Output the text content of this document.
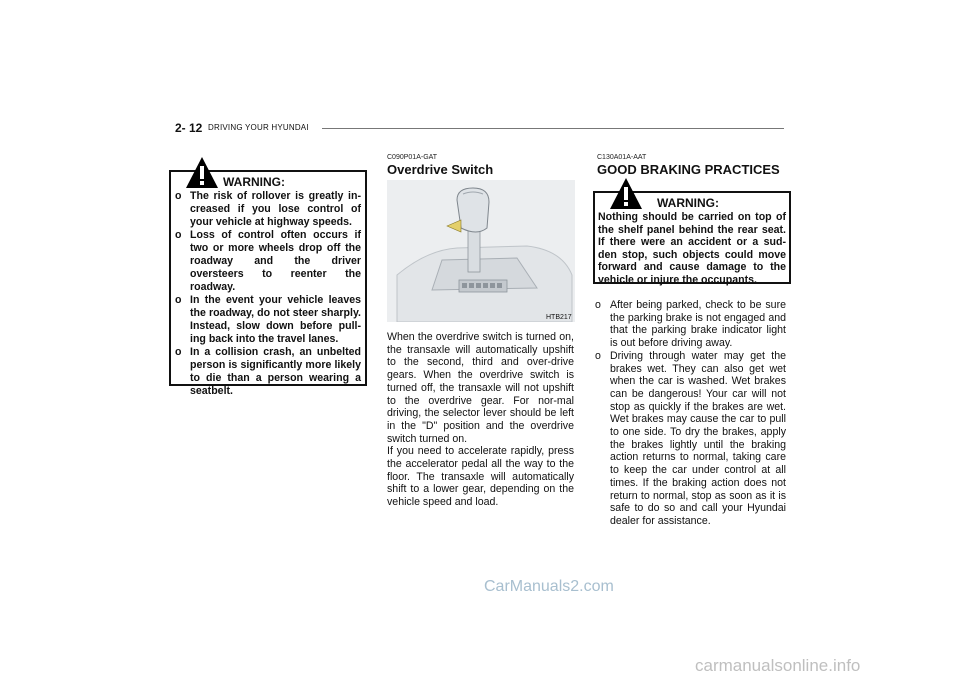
2- 12 DRIVING YOUR HYUNDAI
WARNING:
o The risk of rollover is greatly in-creased if you lose control of your vehicle at highway speeds.
o Loss of control often occurs if two or more wheels drop off the roadway and the driver oversteers to reenter the roadway.
o In the event your vehicle leaves the roadway, do not steer sharply. Instead, slow down before pull-ing back into the travel lanes.
o In a collision crash, an unbelted person is significantly more likely to die than a person wearing a seatbelt.
C090P01A-GAT
Overdrive Switch
HTB217

When the overdrive switch is turned on, the transaxle will automatically upshift to the second, third and over-drive gears. When the overdrive switch is turned off, the transaxle will not upshift to the overdrive gear. For nor-mal driving, the selector lever should be left in the "D" position and the overdrive switch turned on.

If you need to accelerate rapidly, press the accelerator pedal all the way to the floor. The transaxle will automatically shift to a lower gear, depending on the vehicle speed and load.

C130A01A-AAT
GOOD BRAKING PRACTICES
WARNING:
Nothing should be carried on top of the shelf panel behind the rear seat. If there were an accident or a sud-den stop, such objects could move forward and cause damage to the vehicle or injure the occupants.
o After being parked, check to be sure the parking brake is not engaged and that the parking brake indicator light is out before driving away.
o Driving through water may get the brakes wet. They can also get wet when the car is washed. Wet brakes can be dangerous! Your car will not stop as quickly if the brakes are wet. Wet brakes may cause the car to pull to one side. To dry the brakes, apply the brakes lightly until the braking action returns to normal, taking care to keep the car under control at all times. If the braking action does not return to normal, stop as soon as it is safe to do so and call your Hyundai dealer for assistance.
CarManuals2.com
carmanualsonline.info
